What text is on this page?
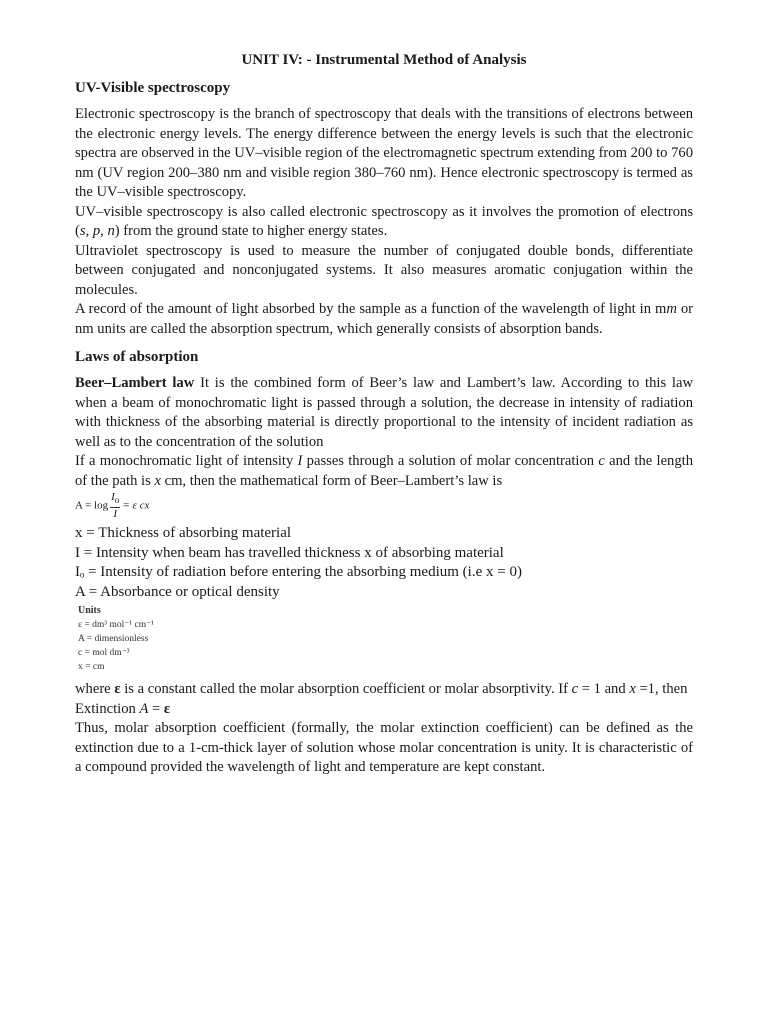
UNIT IV: - Instrumental Method of Analysis
UV-Visible spectroscopy

Electronic spectroscopy is the branch of spectroscopy that deals with the transitions of electrons between the electronic energy levels. The energy difference between the energy levels is such that the electronic spectra are observed in the UV–visible region of the electromagnetic spectrum extending from 200 to 760 nm (UV region 200–380 nm and visible region 380–760 nm). Hence electronic spectroscopy is termed as the UV–visible spectroscopy.

UV–visible spectroscopy is also called electronic spectroscopy as it involves the promotion of electrons (s, p, n) from the ground state to higher energy states.

Ultraviolet spectroscopy is used to measure the number of conjugated double bonds, differentiate between conjugated and nonconjugated systems. It also measures aromatic conjugation within the molecules.

A record of the amount of light absorbed by the sample as a function of the wavelength of light in mm or nm units are called the absorption spectrum, which generally consists of absorption bands.

Laws of absorption

Beer–Lambert law It is the combined form of Beer’s law and Lambert’s law. According to this law when a beam of monochromatic light is passed through a solution, the decrease in intensity of radiation with thickness of the absorbing material is directly proportional to the intensity of incident radiation as well as to the concentration of the solution

If a monochromatic light of intensity I passes through a solution of molar concentration c and the length of the path is x cm, then the mathematical form of Beer–Lambert’s law is

$A = \log \frac{I_o}{I} = \varepsilon$ cx

x = Thickness of absorbing material

I = Intensity when beam has travelled thickness x of absorbing material

Iₒ = Intensity of radiation before entering the absorbing medium (i.e x = 0)

A = Absorbance or optical density

Units
ε = dm³ mol⁻¹ cm⁻¹
A = dimensionless
c = mol dm⁻³
x = cm

where ε is a constant called the molar absorption coefficient or molar absorptivity. If c = 1 and x =1, then

Extinction A = ε

Thus, molar absorption coefficient (formally, the molar extinction coefficient) can be defined as the extinction due to a 1-cm-thick layer of solution whose molar concentration is unity. It is characteristic of a compound provided the wavelength of light and temperature are kept constant.
